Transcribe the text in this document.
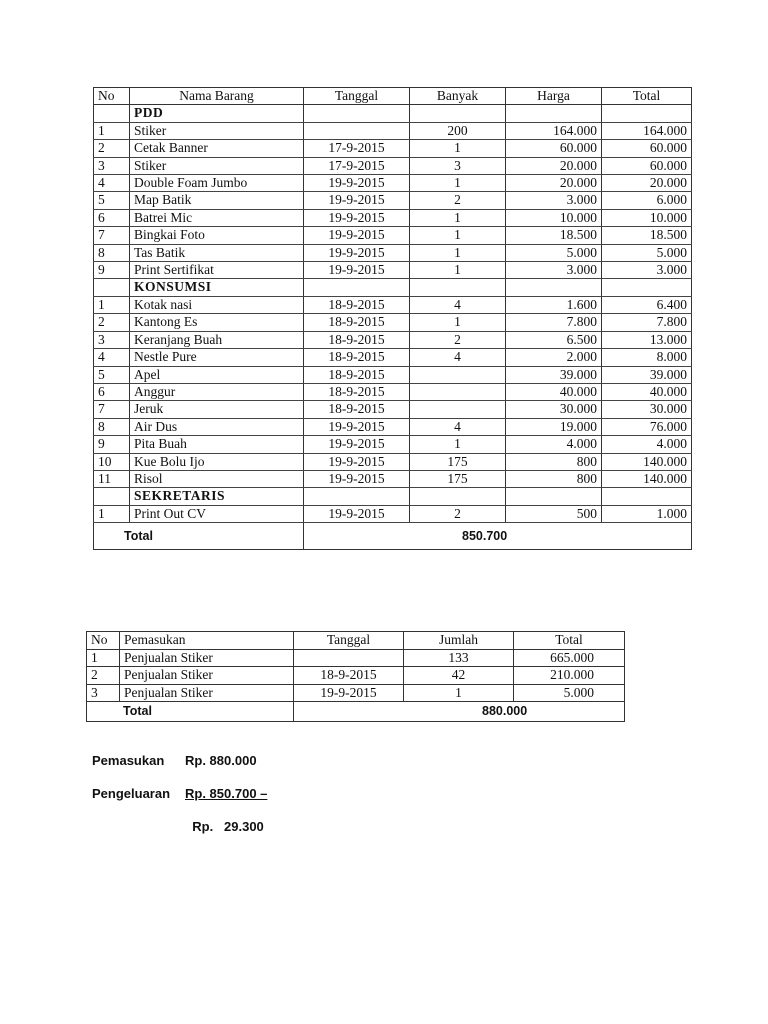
No	Nama Barang	Tanggal	Banyak	Harga	Total
	PDD				
1	Stiker		200	164.000	164.000
2	Cetak Banner	17-9-2015	1	60.000	60.000
3	Stiker	17-9-2015	3	20.000	60.000
4	Double Foam Jumbo	19-9-2015	1	20.000	20.000
5	Map Batik	19-9-2015	2	3.000	6.000
6	Batrei Mic	19-9-2015	1	10.000	10.000
7	Bingkai Foto	19-9-2015	1	18.500	18.500
8	Tas Batik	19-9-2015	1	5.000	5.000
9	Print Sertifikat	19-9-2015	1	3.000	3.000
	KONSUMSI				
1	Kotak nasi	18-9-2015	4	1.600	6.400
2	Kantong Es	18-9-2015	1	7.800	7.800
3	Keranjang Buah	18-9-2015	2	6.500	13.000
4	Nestle Pure	18-9-2015	4	2.000	8.000
5	Apel	18-9-2015		39.000	39.000
6	Anggur	18-9-2015		40.000	40.000
7	Jeruk	18-9-2015		30.000	30.000
8	Air Dus	19-9-2015	4	19.000	76.000
9	Pita Buah	19-9-2015	1	4.000	4.000
10	Kue Bolu Ijo	19-9-2015	175	800	140.000
11	Risol	19-9-2015	175	800	140.000
	SEKRETARIS				
1	Print Out CV	19-9-2015	2	500	1.000
Total		850.700			
No	Pemasukan	Tanggal	Jumlah	Total
1	Penjualan Stiker		133	665.000
2	Penjualan Stiker	18-9-2015	42	210.000
3	Penjualan Stiker	19-9-2015	1	5.000
Total		880.000		
Pemasukan Rp. 880.000
Pengeluaran Rp. 850.700 –

Rp.   29.300
